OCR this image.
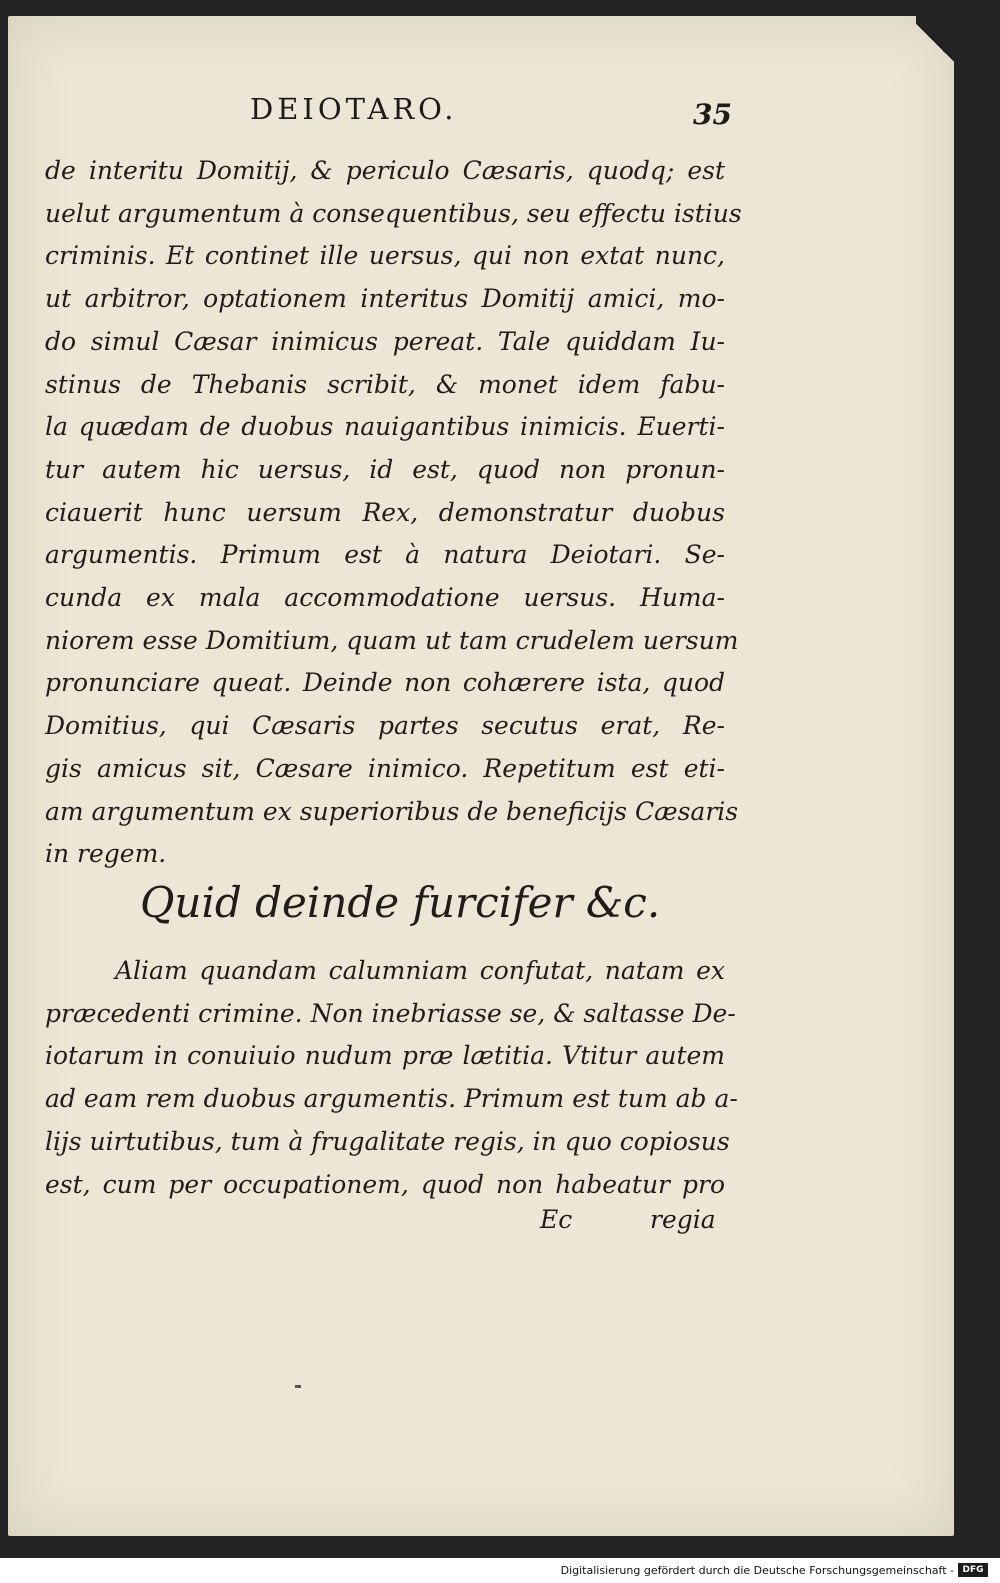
DEIOTARO.	35
de interitu Domitij, & periculo Cæsaris, quodq; est
uelut argumentum à consequentibus, seu effectu istius
criminis. Et continet ille uersus, qui non extat nunc,
ut arbitror, optationem interitus Domitij amici, mo-
do simul Cæsar inimicus pereat. Tale quiddam Iu-
stinus de Thebanis scribit, & monet idem fabu-
la quædam de duobus nauigantibus inimicis. Euerti-
tur autem hic uersus, id est, quod non pronun-
ciauerit hunc uersum Rex, demonstratur duobus
argumentis. Primum est à natura Deiotari. Se-
cunda ex mala accommodatione uersus. Huma-
niorem esse Domitium, quam ut tam crudelem uersum
pronunciare queat. Deinde non cohærere ista, quod
Domitius, qui Cæsaris partes secutus erat, Re-
gis amicus sit, Cæsare inimico. Repetitum est eti-
am argumentum ex superioribus de beneficijs Cæsaris
in regem.
Quid deinde furcifer &c.
Aliam quandam calumniam confutat, natam ex
præcedenti crimine. Non inebriasse se, & saltasse De-
iotarum in conuiuio nudum præ lætitia. Vtitur autem
ad eam rem duobus argumentis. Primum est tum ab a-
lijs uirtutibus, tum à frugalitate regis, in quo copiosus
est, cum per occupationem, quod non habeatur pro
Ec	regia
Digitalisierung gefördert durch die Deutsche Forschungsgemeinschaft - DFG
